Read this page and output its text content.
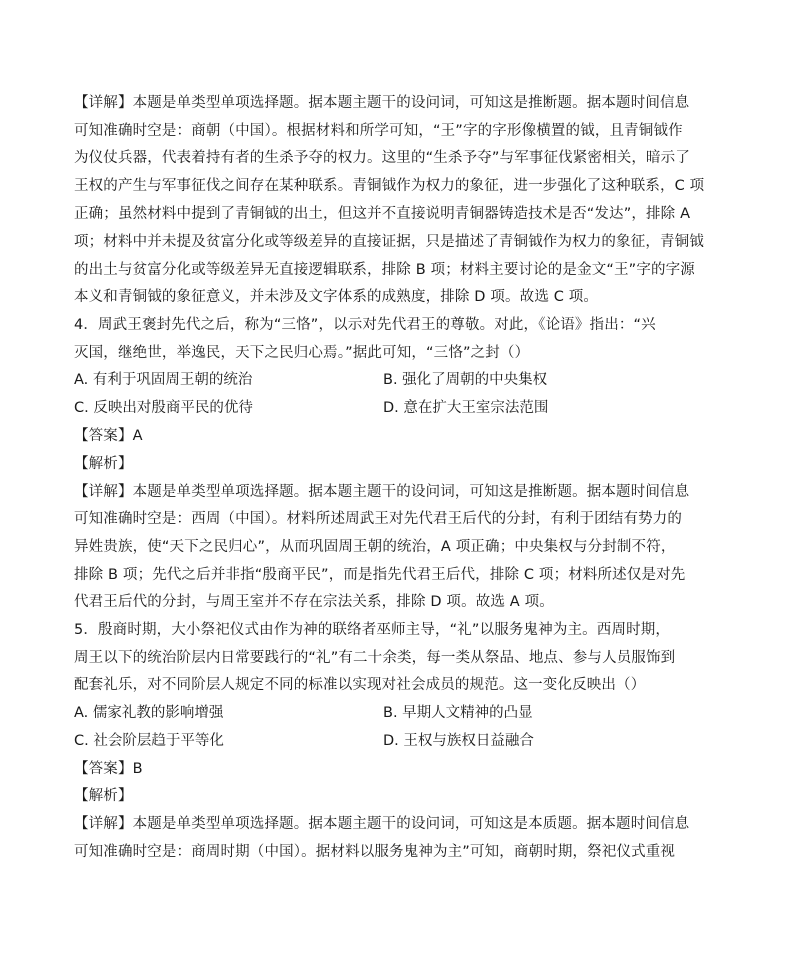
【详解】本题是单类型单项选择题。据本题主题干的设问词，可知这是推断题。据本题时间信息
可知准确时空是：商朝（中国）。根据材料和所学可知，“王”字的字形像横置的钺，且青铜钺作
为仪仗兵器，代表着持有者的生杀予夺的权力。这里的“生杀予夺”与军事征伐紧密相关，暗示了
王权的产生与军事征伐之间存在某种联系。青铜钺作为权力的象征，进一步强化了这种联系，C 项
正确；虽然材料中提到了青铜钺的出土，但这并不直接说明青铜器铸造技术是否“发达”，排除 A
项；材料中并未提及贫富分化或等级差异的直接证据，只是描述了青铜钺作为权力的象征，青铜钺
的出土与贫富分化或等级差异无直接逻辑联系，排除 B 项；材料主要讨论的是金文“王”字的字源
本义和青铜钺的象征意义，并未涉及文字体系的成熟度，排除 D 项。故选 C 项。
4．周武王褒封先代之后，称为“三恪”，以示对先代君王的尊敬。对此，《论语》指出：“兴
灭国，继绝世，举逸民，天下之民归心焉。”据此可知，“三恪”之封（）
A. 有利于巩固周王朝的统治	B. 强化了周朝的中央集权
C. 反映出对殷商平民的优待	D. 意在扩大王室宗法范围
【答案】A
【解析】
【详解】本题是单类型单项选择题。据本题主题干的设问词，可知这是推断题。据本题时间信息
可知准确时空是：西周（中国）。材料所述周武王对先代君王后代的分封，有利于团结有势力的
异姓贵族，使“天下之民归心”，从而巩固周王朝的统治，A 项正确；中央集权与分封制不符，
排除 B 项；先代之后并非指“殷商平民”，而是指先代君王后代，排除 C 项；材料所述仅是对先
代君王后代的分封，与周王室并不存在宗法关系，排除 D 项。故选 A 项。
5．殷商时期，大小祭祀仪式由作为神的联络者巫师主导，“礼”以服务鬼神为主。西周时期，
周王以下的统治阶层内日常要践行的“礼”有二十余类，每一类从祭品、地点、参与人员服饰到
配套礼乐，对不同阶层人规定不同的标准以实现对社会成员的规范。这一变化反映出（）
A. 儒家礼教的影响增强	B. 早期人文精神的凸显
C. 社会阶层趋于平等化	D. 王权与族权日益融合
【答案】B
【解析】
【详解】本题是单类型单项选择题。据本题主题干的设问词，可知这是本质题。据本题时间信息
可知准确时空是：商周时期（中国）。据材料以服务鬼神为主”可知，商朝时期，祭祀仪式重视
